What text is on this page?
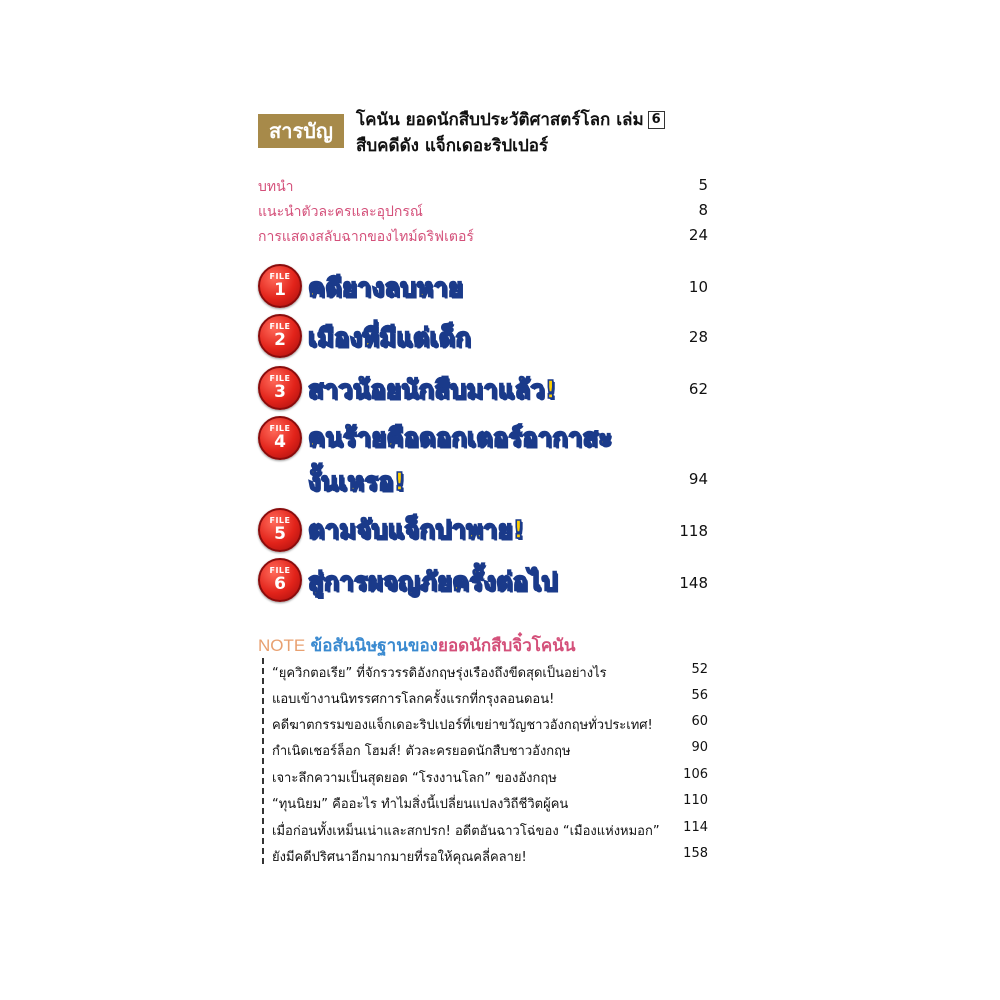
สารบัญ	โคนัน ยอดนักสืบประวัติศาสตร์โลก เล่ม 6
สืบคดีดัง แจ็กเดอะริปเปอร์
บทนำ	5
แนะนำตัวละครและอุปกรณ์	8
การแสดงสลับฉากของไทม์ดริฟเตอร์	24
FILE
1 คดียางลบหาย	10
FILE
2 เมืองที่มีแต่เด็ก	28
FILE
3 สาวน้อยนักสืบมาแล้ว!	62
FILE
4 คนร้ายคือดอกเตอร์อากาสะ
งั้นเหรอ!	94
FILE
5 ตามจับแจ็กปาพาย!	118
FILE
6 สู่การผจญภัยครั้งต่อไป	148
NOTE ข้อสันนิษฐานของยอดนักสืบจิ๋วโคนัน
“ยุควิกตอเรีย” ที่จักรวรรดิอังกฤษรุ่งเรืองถึงขีดสุดเป็นอย่างไร	52
แอบเข้างานนิทรรศการโลกครั้งแรกที่กรุงลอนดอน!	56
คดีฆาตกรรมของแจ็กเดอะริปเปอร์ที่เขย่าขวัญชาวอังกฤษทั่วประเทศ!	60
กำเนิดเชอร์ล็อก โฮมส์! ตัวละครยอดนักสืบชาวอังกฤษ	90
เจาะลึกความเป็นสุดยอด “โรงงานโลก” ของอังกฤษ	106
“ทุนนิยม” คืออะไร ทำไมสิ่งนี้เปลี่ยนแปลงวิถีชีวิตผู้คน	110
เมื่อก่อนทั้งเหม็นเน่าและสกปรก! อดีตอันฉาวโฉ่ของ “เมืองแห่งหมอก” 114
ยังมีคดีปริศนาอีกมากมายที่รอให้คุณคลี่คลาย!	158
